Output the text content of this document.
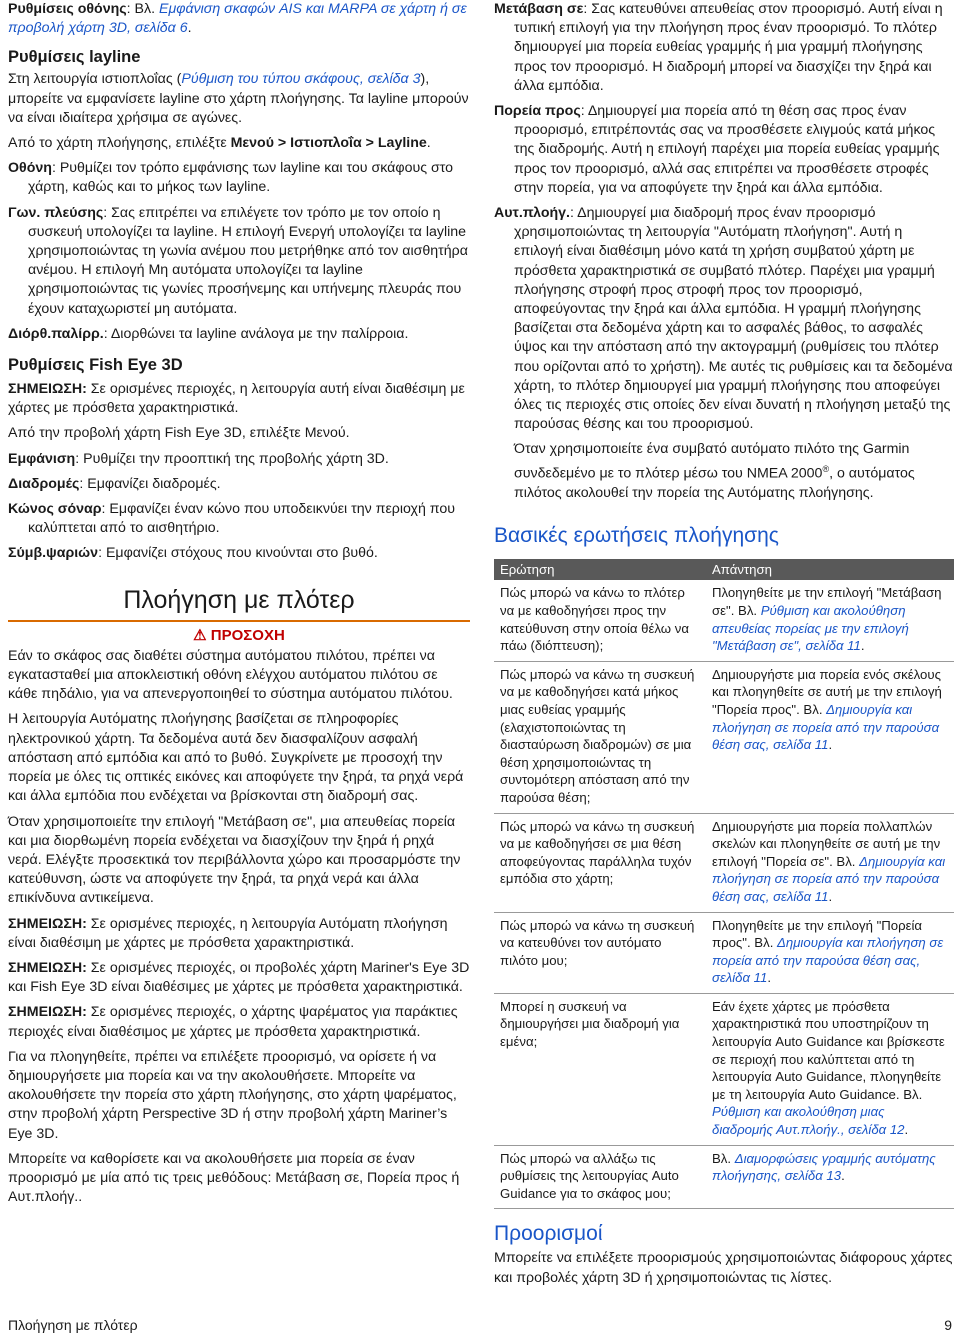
Ρυθμίσεις οθόνης: Βλ. Εμφάνιση σκαφών AIS και MARPA σε χάρτη ή σε προβολή χάρτη 3D, σελίδα 6.

Ρυθμίσεις layline

Στη λειτουργία ιστιοπλοΐας (Ρύθμιση του τύπου σκάφους, σελίδα 3), μπορείτε να εμφανίσετε layline στο χάρτη πλοήγησης. Τα layline μπορούν να είναι ιδιαίτερα χρήσιμα σε αγώνες.

Από το χάρτη πλοήγησης, επιλέξτε Μενού > Ιστιοπλοΐα > Layline.

Οθόνη: Ρυθμίζει τον τρόπο εμφάνισης των layline και του σκάφους στο χάρτη, καθώς και το μήκος των layline.

Γων. πλεύσης: Σας επιτρέπει να επιλέγετε τον τρόπο με τον οποίο η συσκευή υπολογίζει τα layline. Η επιλογή Ενεργή υπολογίζει τα layline χρησιμοποιώντας τη γωνία ανέμου που μετρήθηκε από τον αισθητήρα ανέμου. Η επιλογή Μη αυτόματα υπολογίζει τα layline χρησιμοποιώντας τις γωνίες προσήνεμης και υπήνεμης πλευράς που έχουν καταχωριστεί μη αυτόματα.

Διόρθ.παλίρρ.: Διορθώνει τα layline ανάλογα με την παλίρροια.

Ρυθμίσεις Fish Eye 3D

ΣΗΜΕΙΩΣΗ: Σε ορισμένες περιοχές, η λειτουργία αυτή είναι διαθέσιμη με χάρτες με πρόσθετα χαρακτηριστικά.

Από την προβολή χάρτη Fish Eye 3D, επιλέξτε Μενού.

Εμφάνιση: Ρυθμίζει την προοπτική της προβολής χάρτη 3D.

Διαδρομές: Εμφανίζει διαδρομές.

Κώνος σόναρ: Εμφανίζει έναν κώνο που υποδεικνύει την περιοχή που καλύπτεται από το αισθητήριο.

Σύμβ.ψαριών: Εμφανίζει στόχους που κινούνται στο βυθό.

Πλοήγηση με πλότερ

⚠ ΠΡΟΣΟΧΗ

Εάν το σκάφος σας διαθέτει σύστημα αυτόματου πιλότου, πρέπει να εγκατασταθεί μια αποκλειστική οθόνη ελέγχου αυτόματου πιλότου σε κάθε πηδάλιο, για να απενεργοποιηθεί το σύστημα αυτόματου πιλότου.

Η λειτουργία Αυτόματης πλοήγησης βασίζεται σε πληροφορίες ηλεκτρονικού χάρτη. Τα δεδομένα αυτά δεν διασφαλίζουν ασφαλή απόσταση από εμπόδια και από το βυθό. Συγκρίνετε με προσοχή την πορεία με όλες τις οπτικές εικόνες και αποφύγετε την ξηρά, τα ρηχά νερά και άλλα εμπόδια που ενδέχεται να βρίσκονται στη διαδρομή σας.

Όταν χρησιμοποιείτε την επιλογή "Μετάβαση σε", μια απευθείας πορεία και μια διορθωμένη πορεία ενδέχεται να διασχίζουν την ξηρά ή ρηχά νερά. Ελέγξτε προσεκτικά τον περιβάλλοντα χώρο και προσαρμόστε την κατεύθυνση, ώστε να αποφύγετε την ξηρά, τα ρηχά νερά και άλλα επικίνδυνα αντικείμενα.

ΣΗΜΕΙΩΣΗ: Σε ορισμένες περιοχές, η λειτουργία Αυτόματη πλοήγηση είναι διαθέσιμη με χάρτες με πρόσθετα χαρακτηριστικά.

ΣΗΜΕΙΩΣΗ: Σε ορισμένες περιοχές, οι προβολές χάρτη Mariner's Eye 3D και Fish Eye 3D είναι διαθέσιμες με χάρτες με πρόσθετα χαρακτηριστικά.

ΣΗΜΕΙΩΣΗ: Σε ορισμένες περιοχές, ο χάρτης ψαρέματος για παράκτιες περιοχές είναι διαθέσιμος με χάρτες με πρόσθετα χαρακτηριστικά.

Για να πλοηγηθείτε, πρέπει να επιλέξετε προορισμό, να ορίσετε ή να δημιουργήσετε μια πορεία και να την ακολουθήσετε. Μπορείτε να ακολουθήσετε την πορεία στο χάρτη πλοήγησης, στο χάρτη ψαρέματος, στην προβολή χάρτη Perspective 3D ή στην προβολή χάρτη Mariner’s Eye 3D.

Μπορείτε να καθορίσετε και να ακολουθήσετε μια πορεία σε έναν προορισμό με μία από τις τρεις μεθόδους: Μετάβαση σε, Πορεία προς ή Αυτ.πλοήγ..

Μετάβαση σε: Σας κατευθύνει απευθείας στον προορισμό. Αυτή είναι η τυπική επιλογή για την πλοήγηση προς έναν προορισμό. Το πλότερ δημιουργεί μια πορεία ευθείας γραμμής ή μια γραμμή πλοήγησης προς τον προορισμό. Η διαδρομή μπορεί να διασχίζει την ξηρά και άλλα εμπόδια.

Πορεία προς: Δημιουργεί μια πορεία από τη θέση σας προς έναν προορισμό, επιτρέποντάς σας να προσθέσετε ελιγμούς κατά μήκος της διαδρομής. Αυτή η επιλογή παρέχει μια πορεία ευθείας γραμμής προς τον προορισμό, αλλά σας επιτρέπει να προσθέσετε στροφές στην πορεία, για να αποφύγετε την ξηρά και άλλα εμπόδια.

Αυτ.πλοήγ.: Δημιουργεί μια διαδρομή προς έναν προορισμό χρησιμοποιώντας τη λειτουργία "Αυτόματη πλοήγηση". Αυτή η επιλογή είναι διαθέσιμη μόνο κατά τη χρήση συμβατού χάρτη με πρόσθετα χαρακτηριστικά σε συμβατό πλότερ. Παρέχει μια γραμμή πλοήγησης στροφή προς στροφή προς τον προορισμό, αποφεύγοντας την ξηρά και άλλα εμπόδια. Η γραμμή πλοήγησης βασίζεται στα δεδομένα χάρτη και το ασφαλές βάθος, το ασφαλές ύψος και την απόσταση από την ακτογραμμή (ρυθμίσεις του πλότερ που ορίζονται από το χρήστη). Με αυτές τις ρυθμίσεις και τα δεδομένα χάρτη, το πλότερ δημιουργεί μια γραμμή πλοήγησης που αποφεύγει όλες τις περιοχές στις οποίες δεν είναι δυνατή η πλοήγηση μεταξύ της παρούσας θέσης και του προορισμού.

Όταν χρησιμοποιείτε ένα συμβατό αυτόματο πιλότο της Garmin συνδεδεμένο με το πλότερ μέσω του NMEA 2000®, ο αυτόματος πιλότος ακολουθεί την πορεία της Αυτόματης πλοήγησης.

Βασικές ερωτήσεις πλοήγησης

Ερώτηση	Απάντηση
Πώς μπορώ να κάνω το πλότερ να με καθοδηγήσει προς την κατεύθυνση στην οποία θέλω να πάω (διόπτευση);	Πλοηγηθείτε με την επιλογή "Μετάβαση σε". Βλ. Ρύθμιση και ακολούθηση απευθείας πορείας με την επιλογή "Μετάβαση σε", σελίδα 11.
Πώς μπορώ να κάνω τη συσκευή να με καθοδηγήσει κατά μήκος μιας ευθείας γραμμής (ελαχιστοποιώντας τη διασταύρωση διαδρομών) σε μια θέση χρησιμοποιώντας τη συντομότερη απόσταση από την παρούσα θέση;	Δημιουργήστε μια πορεία ενός σκέλους και πλοηγηθείτε σε αυτή με την επιλογή "Πορεία προς". Βλ. Δημιουργία και πλοήγηση σε πορεία από την παρούσα θέση σας, σελίδα 11.
Πώς μπορώ να κάνω τη συσκευή να με καθοδηγήσει σε μια θέση αποφεύγοντας παράλληλα τυχόν εμπόδια στο χάρτη;	Δημιουργήστε μια πορεία πολλαπλών σκελών και πλοηγηθείτε σε αυτή με την επιλογή "Πορεία σε". Βλ. Δημιουργία και πλοήγηση σε πορεία από την παρούσα θέση σας, σελίδα 11.
Πώς μπορώ να κάνω τη συσκευή να κατευθύνει τον αυτόματο πιλότο μου;	Πλοηγηθείτε με την επιλογή "Πορεία προς". Βλ. Δημιουργία και πλοήγηση σε πορεία από την παρούσα θέση σας, σελίδα 11.
Μπορεί η συσκευή να δημιουργήσει μια διαδρομή για εμένα;	Εάν έχετε χάρτες με πρόσθετα χαρακτηριστικά που υποστηρίζουν τη λειτουργία Auto Guidance και βρίσκεστε σε περιοχή που καλύπτεται από τη λειτουργία Auto Guidance, πλοηγηθείτε με τη λειτουργία Auto Guidance. Βλ. Ρύθμιση και ακολούθηση μιας διαδρομής Αυτ.πλοήγ., σελίδα 12.
Πώς μπορώ να αλλάξω τις ρυθμίσεις της λειτουργίας Auto Guidance για το σκάφος μου;	Βλ. Διαμορφώσεις γραμμής αυτόματης πλοήγησης, σελίδα 13.

Προορισμοί

Μπορείτε να επιλέξετε προορισμούς χρησιμοποιώντας διάφορους χάρτες και προβολές χάρτη 3D ή χρησιμοποιώντας τις λίστες.

Πλοήγηση με πλότερ	9
